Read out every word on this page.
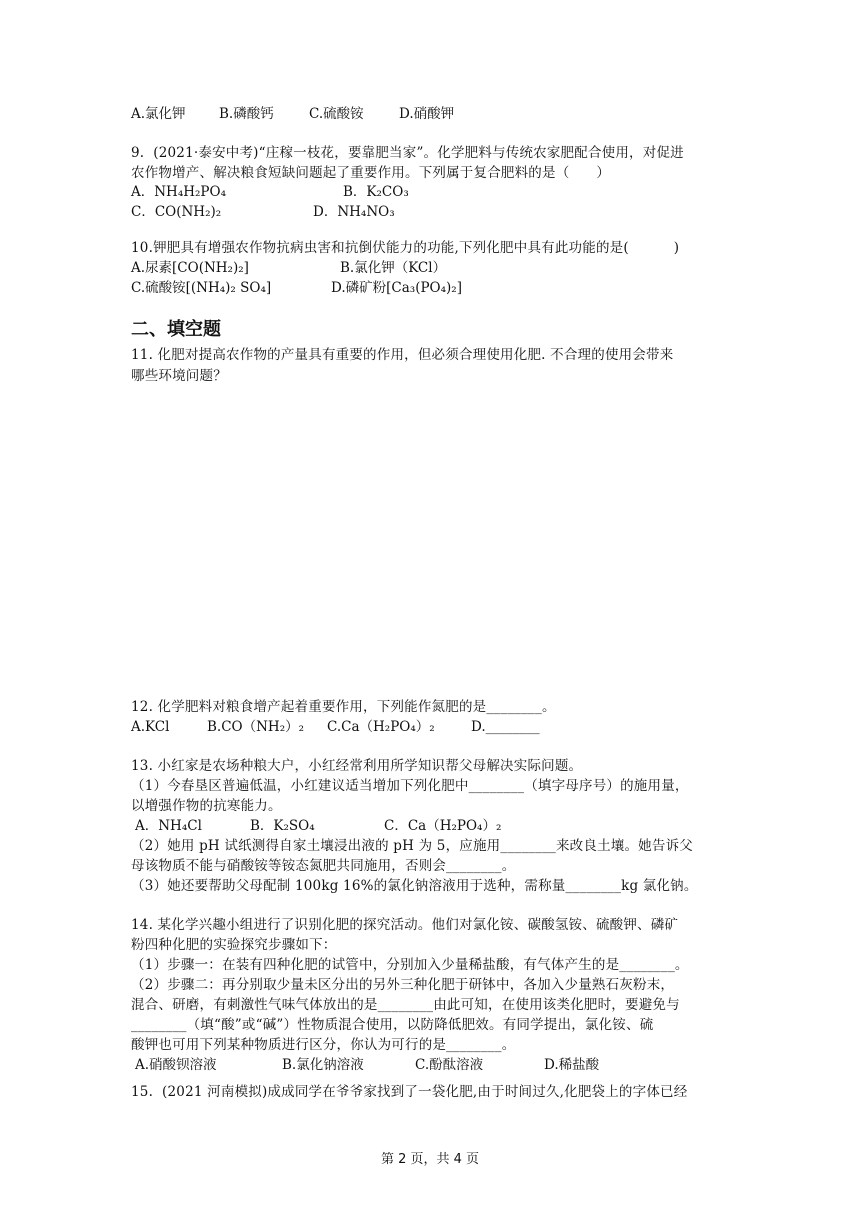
A.氯化钾 B.磷酸钙	C.硫酸铵	D.硝酸钾
9.  (2021·泰安中考)“庄稼一枝花，要靠肥当家”。化学肥料与传统农家肥配合使用，对促进
农作物增产、解决粮食短缺问题起了重要作用。下列属于复合肥料的是（      ）
A．NH₄H₂PO₄	B．K₂CO₃
C．CO(NH₂)₂	D．NH₄NO₃
10.钾肥具有增强农作物抗病虫害和抗倒伏能力的功能,下列化肥中具有此功能的是(          )
A.尿素[CO(NH₂)₂]	B.氯化钾（KCl）
C.硫酸铵[(NH₄)₂ SO₄]	D.磷矿粉[Ca₃(PO₄)₂]
二、填空题
11. 化肥对提高农作物的产量具有重要的作用，但必须合理使用化肥. 不合理的使用会带来
哪些环境问题？
12. 化学肥料对粮食增产起着重要作用，下列能作氮肥的是________。
A.KCl	B.CO（NH₂）₂ C.Ca（H₂PO₄）₂	D.________
13. 小红家是农场种粮大户，小红经常利用所学知识帮父母解决实际问题。
（1）今春垦区普遍低温，小红建议适当增加下列化肥中________（填字母序号）的施用量，
以增强作物的抗寒能力。
A．NH₄Cl	B．K₂SO₄	C．Ca（H₂PO₄）₂
（2）她用 pH 试纸测得自家土壤浸出液的 pH 为 5，应施用________来改良土壤。她告诉父
母该物质不能与硝酸铵等铵态氮肥共同施用，否则会________。
（3）她还要帮助父母配制 100kg 16%的氯化钠溶液用于选种，需称量________kg 氯化钠。
14. 某化学兴趣小组进行了识别化肥的探究活动。他们对氯化铵、碳酸氢铵、硫酸钾、磷矿
粉四种化肥的实验探究步骤如下：
（1）步骤一：在装有四种化肥的试管中，分别加入少量稀盐酸，有气体产生的是________。
（2）步骤二：再分别取少量未区分出的另外三种化肥于研钵中，各加入少量熟石灰粉末，
混合、研磨，有刺激性气味气体放出的是________由此可知，在使用该类化肥时，要避免与
________（填“酸”或“碱”）性物质混合使用，以防降低肥效。有同学提出，氯化铵、硫
酸钾也可用下列某种物质进行区分，你认为可行的是________。
A.硝酸钡溶液	B.氯化钠溶液	C.酚酞溶液	D.稀盐酸
15.  (2021 河南模拟)成成同学在爷爷家找到了一袋化肥,由于时间过久,化肥袋上的字体已经
第 2 页，共 4 页
